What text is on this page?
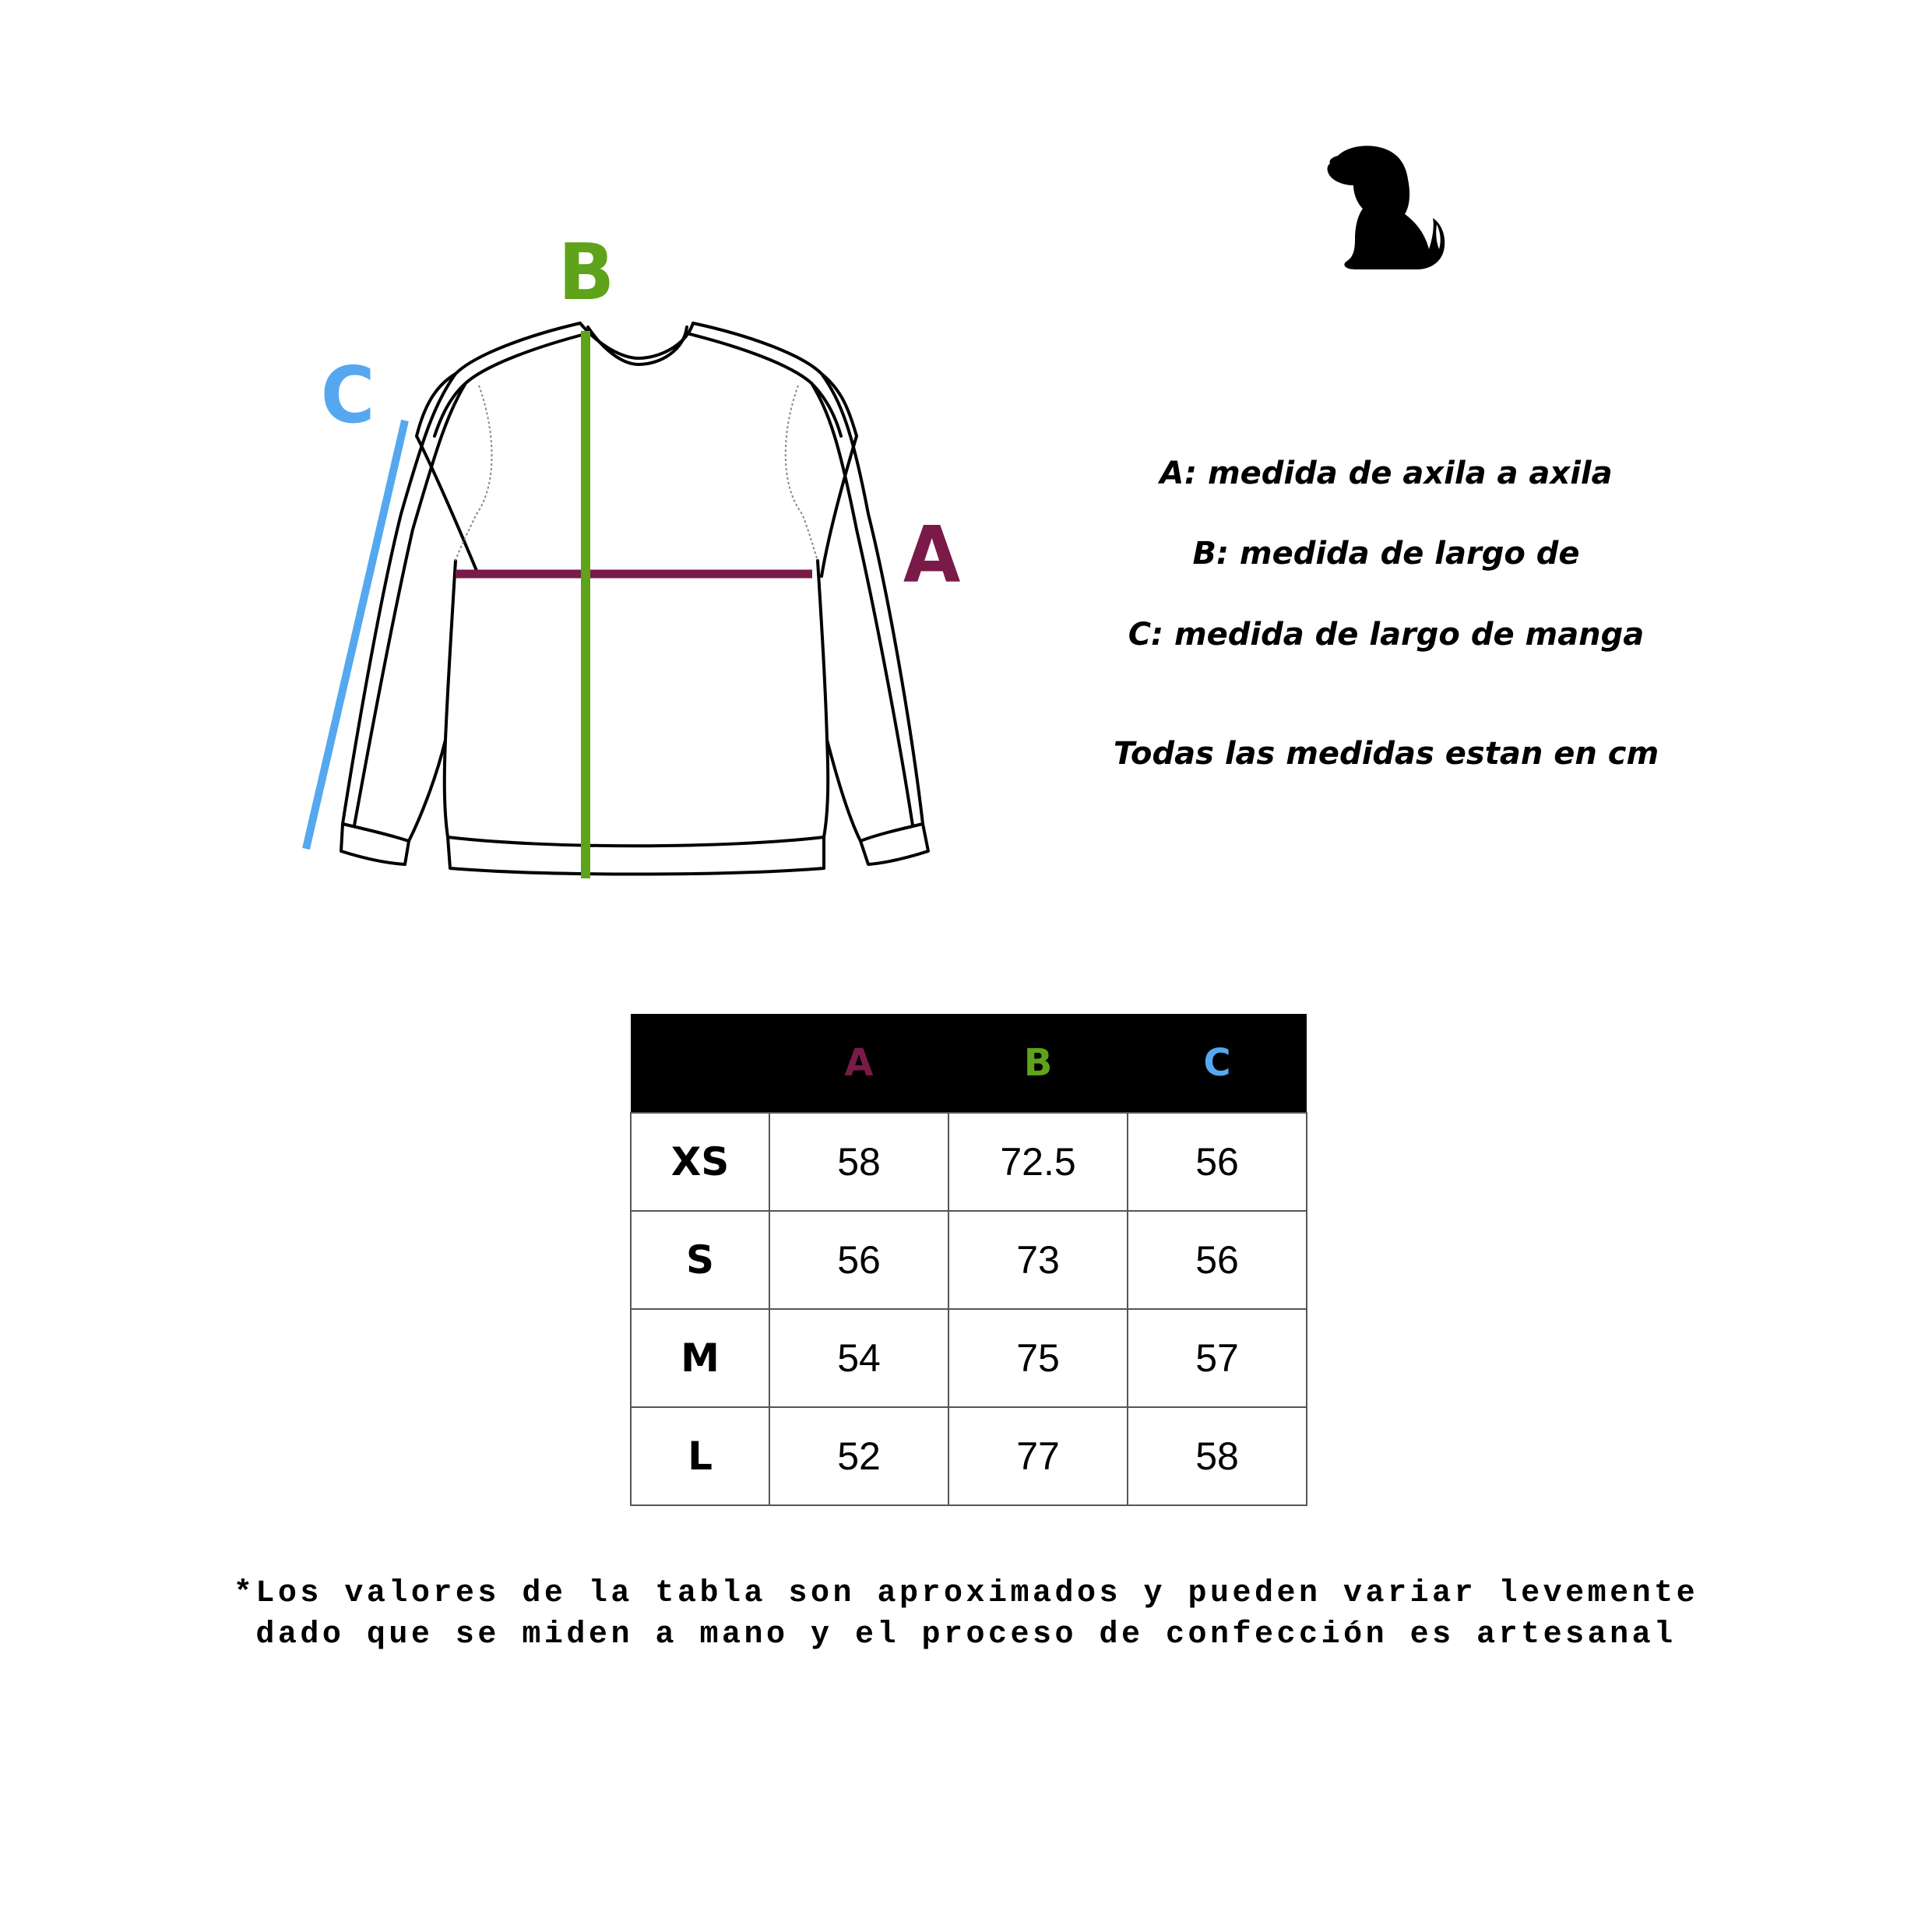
B
C
A
A: medida de axila a axila
B: medida de largo de
C: medida de largo de manga
Todas las medidas estan en cm
	A	B	C
XS	58	72.5	56
S	56	73	56
M	54	75	57
L	52	77	58
*Los valores de la tabla son aproximados y pueden variar levemente
dado que se miden a mano y el proceso de confección es artesanal
